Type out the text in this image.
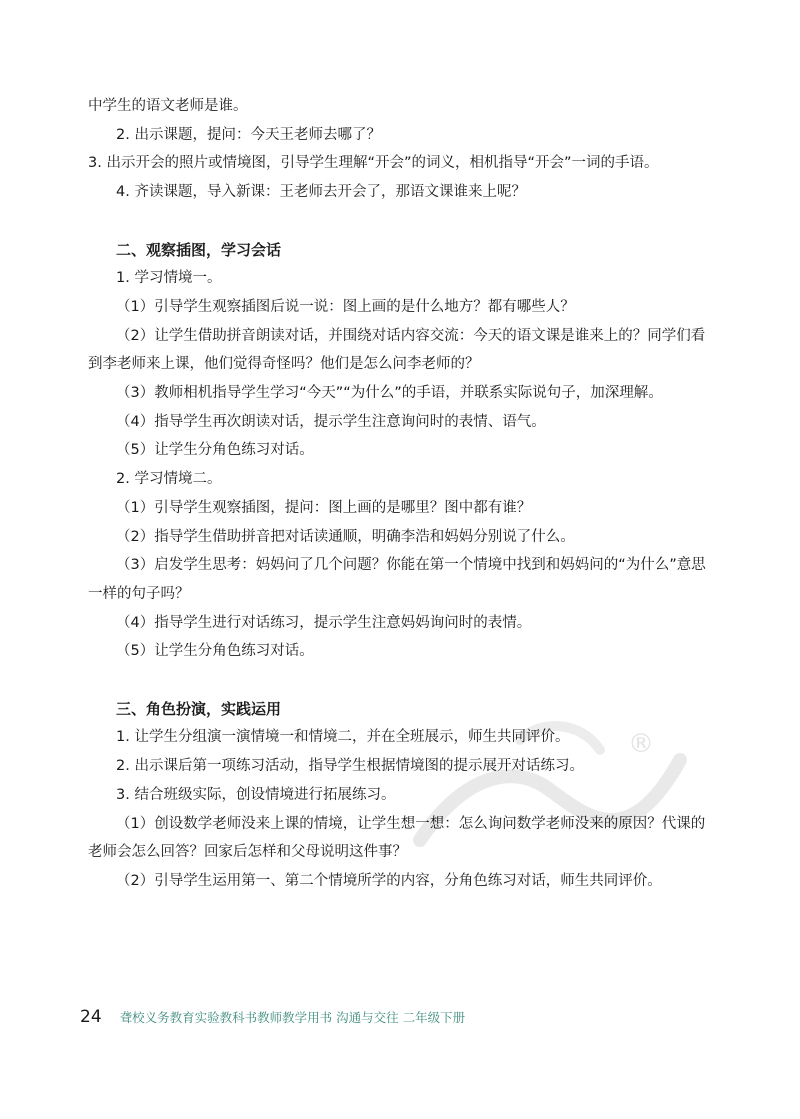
®

中学生的语文老师是谁。

2. 出示课题，提问：今天王老师去哪了？

3. 出示开会的照片或情境图，引导学生理解“开会”的词义，相机指导“开会”一词的手语。

4. 齐读课题，导入新课：王老师去开会了，那语文课谁来上呢？

二、观察插图，学习会话

1. 学习情境一。

（1）引导学生观察插图后说一说：图上画的是什么地方？都有哪些人？

（2）让学生借助拼音朗读对话，并围绕对话内容交流：今天的语文课是谁来上的？同学们看到李老师来上课，他们觉得奇怪吗？他们是怎么问李老师的？

（3）教师相机指导学生学习“今天”“为什么”的手语，并联系实际说句子，加深理解。

（4）指导学生再次朗读对话，提示学生注意询问时的表情、语气。

（5）让学生分角色练习对话。

2. 学习情境二。

（1）引导学生观察插图，提问：图上画的是哪里？图中都有谁？

（2）指导学生借助拼音把对话读通顺，明确李浩和妈妈分别说了什么。

（3）启发学生思考：妈妈问了几个问题？你能在第一个情境中找到和妈妈问的“为什么”意思一样的句子吗？

（4）指导学生进行对话练习，提示学生注意妈妈询问时的表情。

（5）让学生分角色练习对话。

三、角色扮演，实践运用

1. 让学生分组演一演情境一和情境二，并在全班展示，师生共同评价。

2. 出示课后第一项练习活动，指导学生根据情境图的提示展开对话练习。

3. 结合班级实际，创设情境进行拓展练习。

（1）创设数学老师没来上课的情境，让学生想一想：怎么询问数学老师没来的原因？代课的老师会怎么回答？回家后怎样和父母说明这件事？

（2）引导学生运用第一、第二个情境所学的内容，分角色练习对话，师生共同评价。

24 聋校义务教育实验教科书教师教学用书 沟通与交往 二年级下册
